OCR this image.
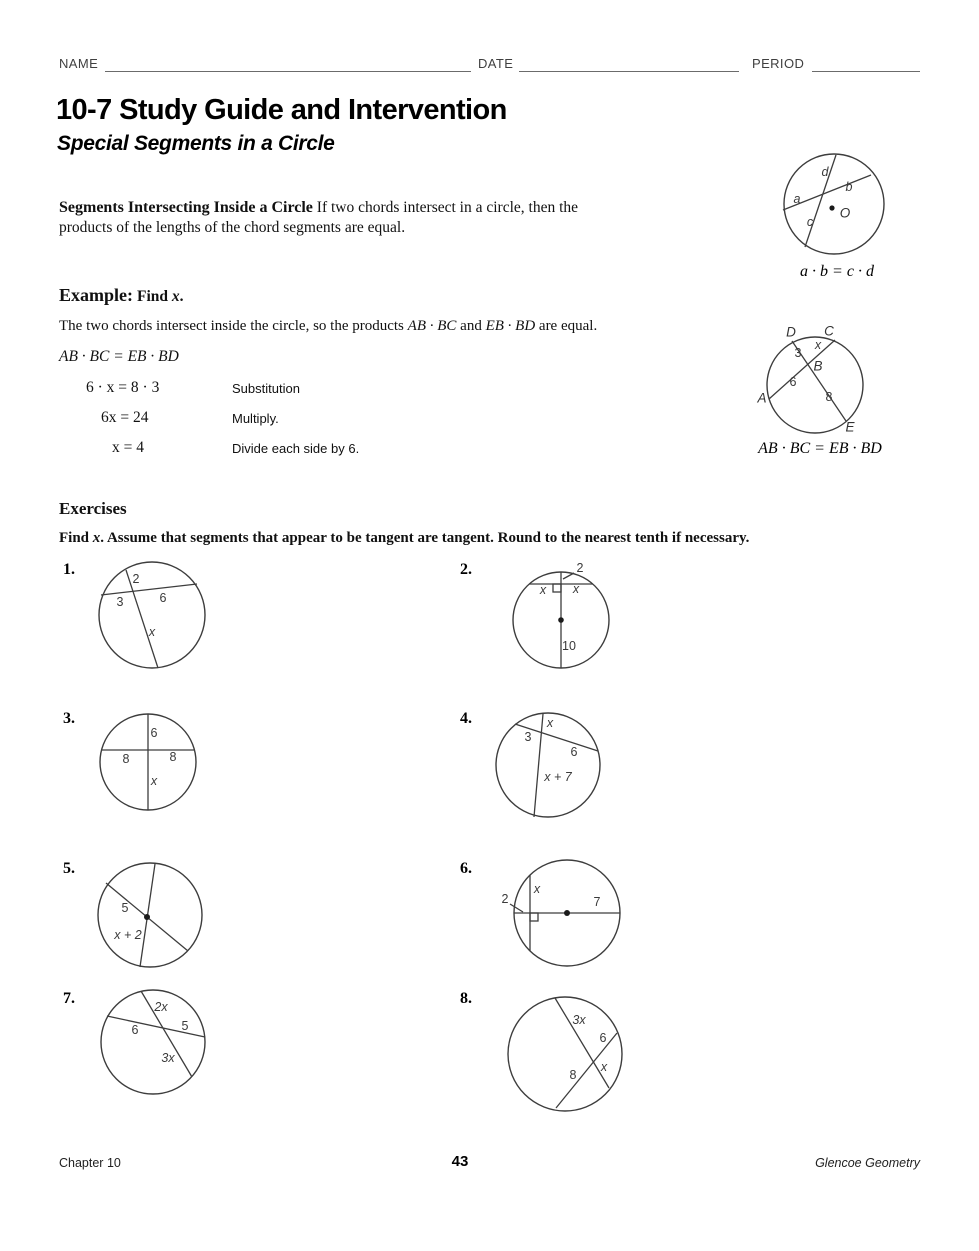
NAME	DATE	PERIOD
10-7 Study Guide and Intervention
Special Segments in a Circle

Segments Intersecting Inside a Circle If two chords intersect in a circle, then the products of the lengths of the chord segments are equal.

d
b
a
c
O
a · b = c · d
Example: Find x.
The two chords intersect inside the circle, so the products AB · BC and EB · BD are equal.
AB · BC = EB · BD
6 · x = 8 · 3	Substitution
6x = 24	Multiply.
x = 4	Divide each side by 6.
D C
B
A
E
3
x
6
8
AB · BC = EB · BD
Exercises
Find x. Assume that segments that appear to be tangent are tangent. Round to the nearest tenth if necessary.
1.	2.
3.	4.
5.	6.
7.	8.
2
3	6
x
2
x x
10
6
8	8
x
x
3
6
x + 7
5
x + 2
2
x
7
2x
6	5
3x
3x
6
x
8
Chapter 10	43	Glencoe Geometry
